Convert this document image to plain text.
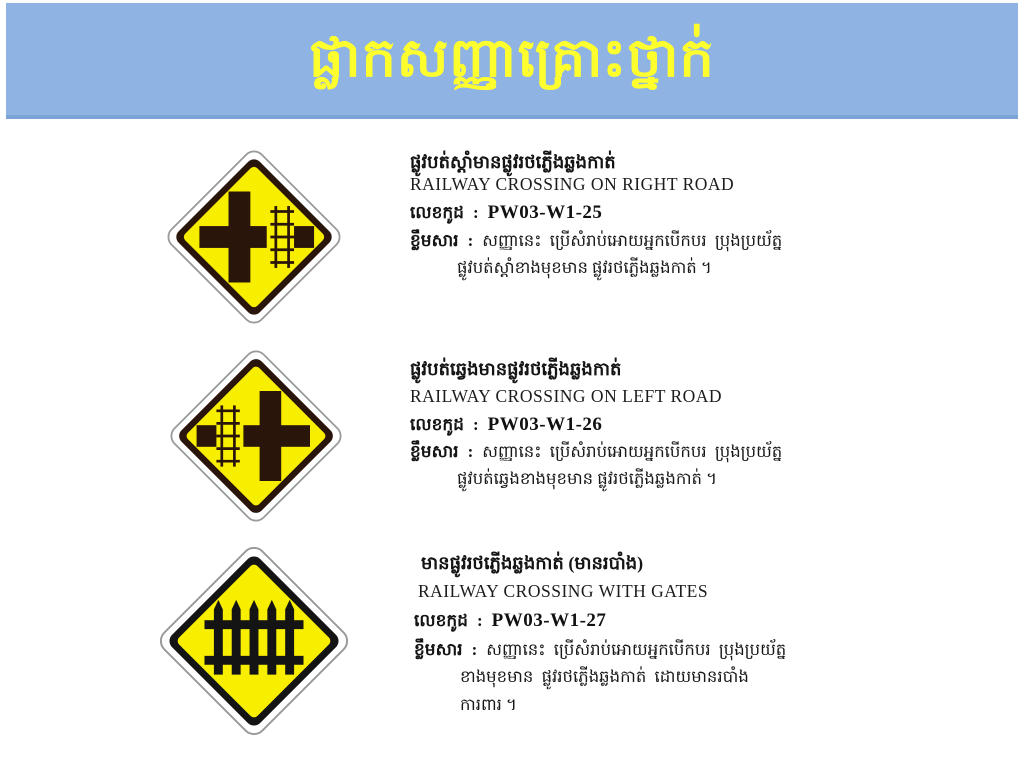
ផ្លាកសញ្ញាគ្រោះថ្នាក់
ផ្លូវបត់ស្ដាំមានផ្លូវរថភ្លើងឆ្លងកាត់
RAILWAY CROSSING ON RIGHT ROAD
លេខកូដ : PW03-W1-25
ខ្លឹមសារ : សញ្ញានេះ  ប្រើសំរាប់អោយអ្នកបើកបរ  ប្រុងប្រយ័ត្ន
ផ្លូវបត់ស្ដាំខាងមុខមាន ផ្លូវរថភ្លើងឆ្លងកាត់ ។
ផ្លូវបត់ឆ្វេងមានផ្លូវរថភ្លើងឆ្លងកាត់
RAILWAY CROSSING ON LEFT ROAD
លេខកូដ : PW03-W1-26
ខ្លឹមសារ : សញ្ញានេះ  ប្រើសំរាប់អោយអ្នកបើកបរ  ប្រុងប្រយ័ត្ន
ផ្លូវបត់ឆ្វេងខាងមុខមាន ផ្លូវរថភ្លើងឆ្លងកាត់ ។
មានផ្លូវរថភ្លើងឆ្លងកាត់ (មានរបាំង)
RAILWAY CROSSING WITH GATES
លេខកូដ : PW03-W1-27
ខ្លឹមសារ : សញ្ញានេះ  ប្រើសំរាប់អោយអ្នកបើកបរ  ប្រុងប្រយ័ត្ន
ខាងមុខមាន  ផ្លូវរថភ្លើងឆ្លងកាត់  ដោយមានរបាំង
ការពារ ។
